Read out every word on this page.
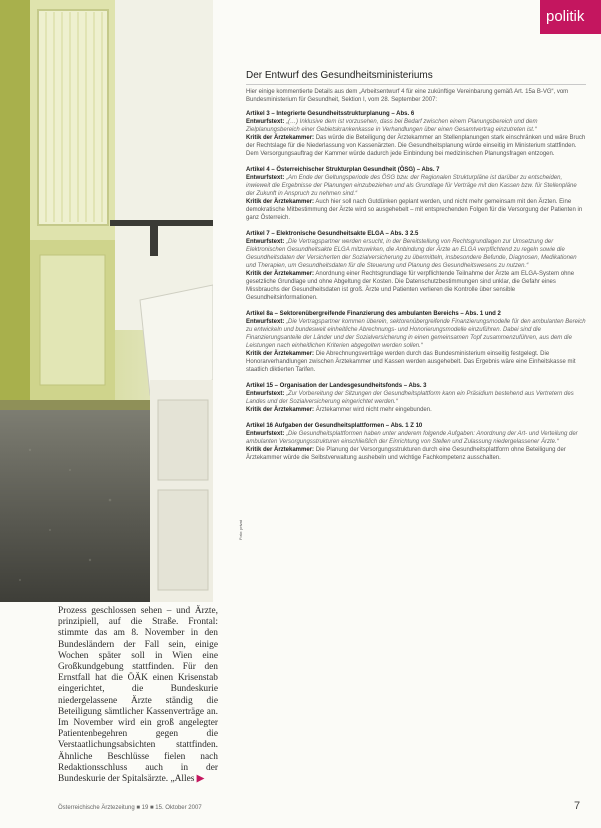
Foto: privat
politik
Prozess geschlossen sehen – und Ärzte, prinzipiell, auf die Straße. Frontal: stimmte das am 8. November in den Bundesländern der Fall sein, einige Wochen später soll in Wien eine Großkundgebung stattfinden. Für den Ernstfall hat die ÖÄK einen Krisenstab eingerichtet, die Bundeskurie niedergelassene Ärzte ständig die Beteiligung sämtlicher Kassenverträge an. Im November wird ein groß angelegter Patientenbegehren gegen die Verstaatlichungsabsichten stattfinden. Ähnliche Beschlüsse fielen nach Redaktionsschluss auch in der Bundeskurie der Spitalsärzte. „Alles ▶
Der Entwurf des Gesundheitsministeriums

Hier einige kommentierte Details aus dem „Arbeitsentwurf 4 für eine zukünftige Vereinbarung gemäß Art. 15a B-VG“, vom Bundesministerium für Gesundheit, Sektion I, vom 28. September 2007:

Artikel 3 – Integrierte Gesundheitsstrukturplanung – Abs. 6

Entwurfstext: „(…) Inklusive dem ist vorzusehen, dass bei Bedarf zwischen einem Planungsbereich und dem Zielplanungsbereich einer Gebietskrankenkasse in Verhandlungen über einen Gesamtvertrag einzutreten ist.“

Kritik der Ärztekammer: Das würde die Beteiligung der Ärztekammer an Stellenplanungen stark einschränken und wäre Bruch der Rechtslage für die Niederlassung von Kassenärzten. Die Gesundheitsplanung würde einseitig im Ministerium stattfinden. Dem Versorgungsauftrag der Kammer würde dadurch jede Einbindung bei medizinischen Planungsfragen entzogen.

Artikel 4 – Österreichischer Strukturplan Gesundheit (ÖSG) – Abs. 7

Entwurfstext: „Am Ende der Geltungsperiode des ÖSG bzw. der Regionalen Strukturpläne ist darüber zu entscheiden, inwieweit die Ergebnisse der Planungen einzubeziehen und als Grundlage für Verträge mit den Kassen bzw. für Stellenpläne der Zukunft in Anspruch zu nehmen sind.“

Kritik der Ärztekammer: Auch hier soll nach Gutdünken geplant werden, und nicht mehr gemeinsam mit den Ärzten. Eine demokratische Mitbestimmung der Ärzte wird so ausgehebelt – mit entsprechenden Folgen für die Versorgung der Patienten in ganz Österreich.

Artikel 7 – Elektronische Gesundheitsakte ELGA – Abs. 3 2.5

Entwurfstext: „Die Vertragspartner werden ersucht, in der Bereitstellung von Rechtsgrundlagen zur Umsetzung der Elektronischen Gesundheitsakte ELGA mitzuwirken, die Anbindung der Ärzte an ELGA verpflichtend zu regeln sowie die Gesundheitsdaten der Versicherten der Sozialversicherung zu übermitteln, insbesondere Befunde, Diagnosen, Medikationen und Therapien, um Gesundheitsdaten für die Steuerung und Planung des Gesundheitswesens zu nutzen.“

Kritik der Ärztekammer: Anordnung einer Rechtsgrundlage für verpflichtende Teilnahme der Ärzte am ELGA-System ohne gesetzliche Grundlage und ohne Abgeltung der Kosten. Die Datenschutzbestimmungen sind unklar, die Gefahr eines Missbrauchs der Gesundheitsdaten ist groß. Ärzte und Patienten verlieren die Kontrolle über sensible Gesundheitsinformationen.

Artikel 8a – Sektorenübergreifende Finanzierung des ambulanten Bereichs – Abs. 1 und 2

Entwurfstext: „Die Vertragspartner kommen überein, sektorenübergreifende Finanzierungsmodelle für den ambulanten Bereich zu entwickeln und bundesweit einheitliche Abrechnungs- und Honorierungsmodelle einzuführen. Dabei sind die Finanzierungsanteile der Länder und der Sozialversicherung in einen gemeinsamen Topf zusammenzuführen, aus dem die Leistungen nach einheitlichen Kriterien abgegolten werden sollen.“

Kritik der Ärztekammer: Die Abrechnungsverträge werden durch das Bundesministerium einseitig festgelegt. Die Honorarverhandlungen zwischen Ärztekammer und Kassen werden ausgehebelt. Das Ergebnis wäre eine Einheitskasse mit staatlich diktierten Tarifen.

Artikel 15 – Organisation der Landesgesundheitsfonds – Abs. 3

Entwurfstext: „Zur Vorbereitung der Sitzungen der Gesundheitsplattform kann ein Präsidium bestehend aus Vertretern des Landes und der Sozialversicherung eingerichtet werden.“

Kritik der Ärztekammer: Ärztekammer wird nicht mehr eingebunden.

Artikel 16 Aufgaben der Gesundheitsplattformen – Abs. 1 Z 10

Entwurfstext: „Die Gesundheitsplattformen haben unter anderem folgende Aufgaben: Anordnung der Art- und Verteilung der ambulanten Versorgungsstrukturen einschließlich der Einrichtung von Stellen und Zulassung niedergelassener Ärzte.“

Kritik der Ärztekammer: Die Planung der Versorgungsstrukturen durch eine Gesundheitsplattform ohne Beteiligung der Ärztekammer würde die Selbstverwaltung aushebeln und wichtige Fachkompetenz ausschalten.

Österreichische Ärztezeitung ■ 19 ■ 15. Oktober 2007	7
